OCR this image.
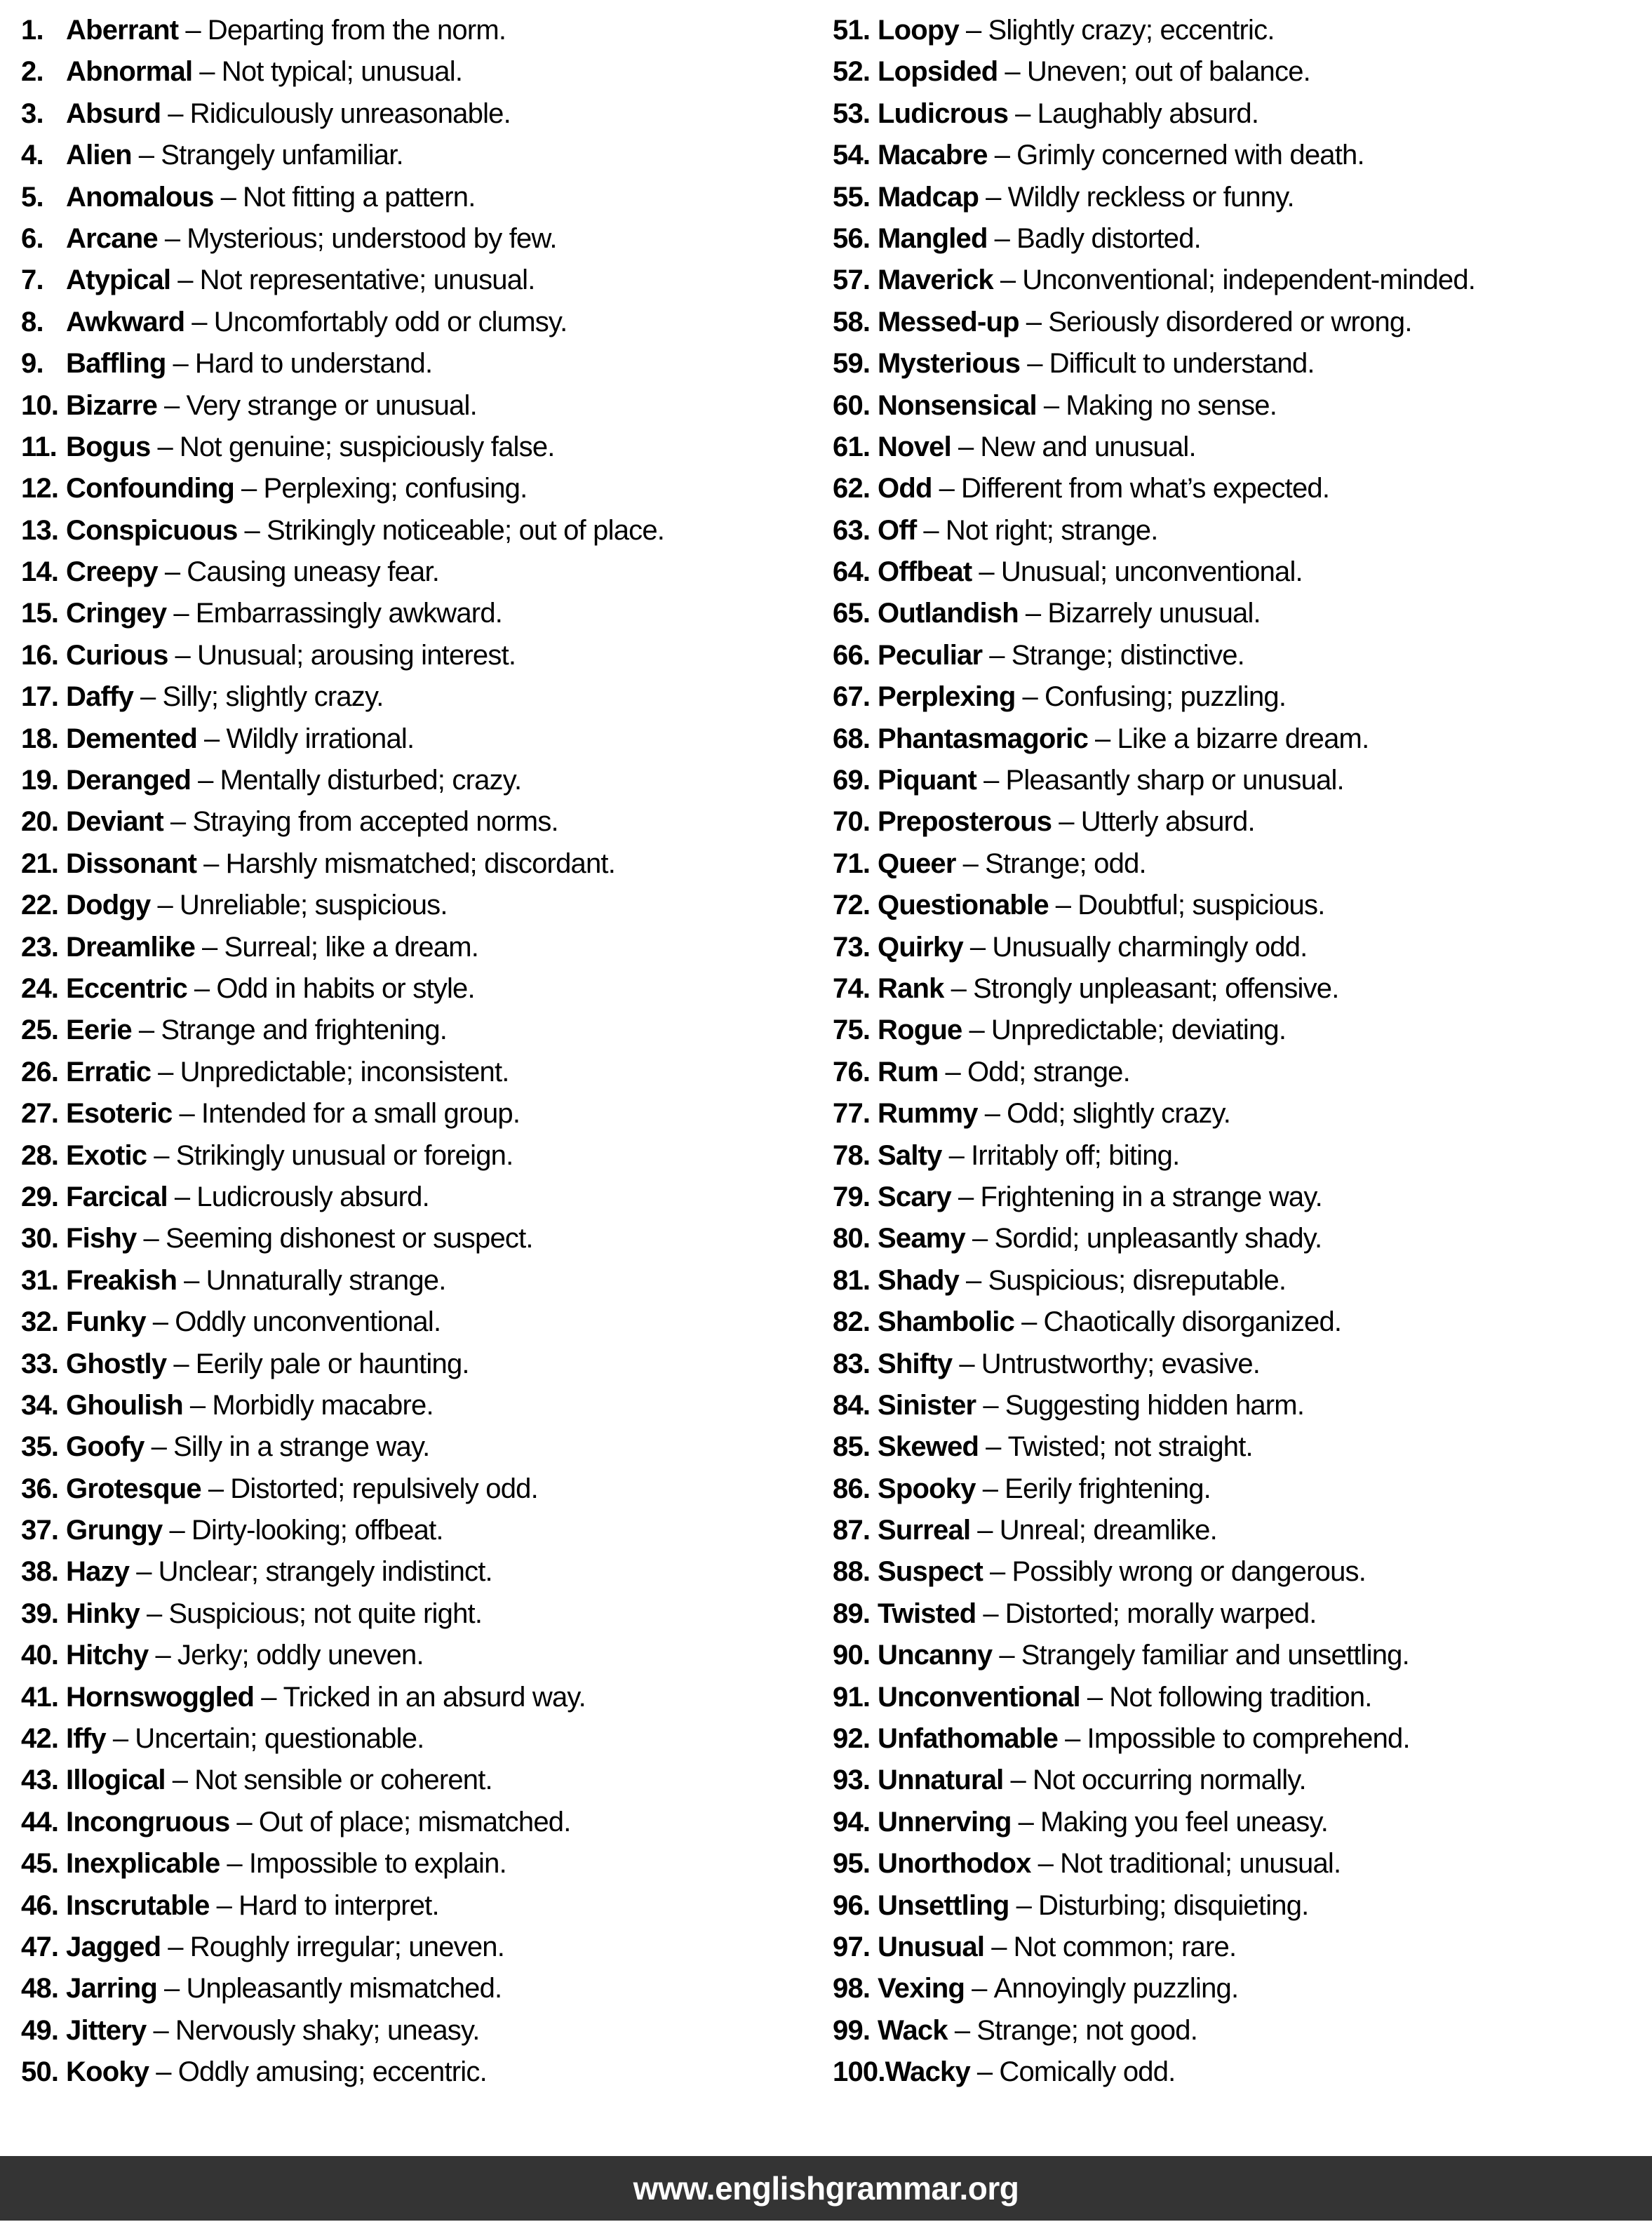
1. Aberrant – Departing from the norm.
2. Abnormal – Not typical; unusual.
3. Absurd – Ridiculously unreasonable.
4. Alien – Strangely unfamiliar.
5. Anomalous – Not fitting a pattern.
6. Arcane – Mysterious; understood by few.
7. Atypical – Not representative; unusual.
8. Awkward – Uncomfortably odd or clumsy.
9. Baffling – Hard to understand.
10. Bizarre – Very strange or unusual.
11. Bogus – Not genuine; suspiciously false.
12. Confounding – Perplexing; confusing.
13. Conspicuous – Strikingly noticeable; out of place.
14. Creepy – Causing uneasy fear.
15. Cringey – Embarrassingly awkward.
16. Curious – Unusual; arousing interest.
17. Daffy – Silly; slightly crazy.
18. Demented – Wildly irrational.
19. Deranged – Mentally disturbed; crazy.
20. Deviant – Straying from accepted norms.
21. Dissonant – Harshly mismatched; discordant.
22. Dodgy – Unreliable; suspicious.
23. Dreamlike – Surreal; like a dream.
24. Eccentric – Odd in habits or style.
25. Eerie – Strange and frightening.
26. Erratic – Unpredictable; inconsistent.
27. Esoteric – Intended for a small group.
28. Exotic – Strikingly unusual or foreign.
29. Farcical – Ludicrously absurd.
30. Fishy – Seeming dishonest or suspect.
31. Freakish – Unnaturally strange.
32. Funky – Oddly unconventional.
33. Ghostly – Eerily pale or haunting.
34. Ghoulish – Morbidly macabre.
35. Goofy – Silly in a strange way.
36. Grotesque – Distorted; repulsively odd.
37. Grungy – Dirty-looking; offbeat.
38. Hazy – Unclear; strangely indistinct.
39. Hinky – Suspicious; not quite right.
40. Hitchy – Jerky; oddly uneven.
41. Hornswoggled – Tricked in an absurd way.
42. Iffy – Uncertain; questionable.
43. Illogical – Not sensible or coherent.
44. Incongruous – Out of place; mismatched.
45. Inexplicable – Impossible to explain.
46. Inscrutable – Hard to interpret.
47. Jagged – Roughly irregular; uneven.
48. Jarring – Unpleasantly mismatched.
49. Jittery – Nervously shaky; uneasy.
50. Kooky – Oddly amusing; eccentric.
51. Loopy – Slightly crazy; eccentric.
52. Lopsided – Uneven; out of balance.
53. Ludicrous – Laughably absurd.
54. Macabre – Grimly concerned with death.
55. Madcap – Wildly reckless or funny.
56. Mangled – Badly distorted.
57. Maverick – Unconventional; independent-minded.
58. Messed-up – Seriously disordered or wrong.
59. Mysterious – Difficult to understand.
60. Nonsensical – Making no sense.
61. Novel – New and unusual.
62. Odd – Different from what’s expected.
63. Off – Not right; strange.
64. Offbeat – Unusual; unconventional.
65. Outlandish – Bizarrely unusual.
66. Peculiar – Strange; distinctive.
67. Perplexing – Confusing; puzzling.
68. Phantasmagoric – Like a bizarre dream.
69. Piquant – Pleasantly sharp or unusual.
70. Preposterous – Utterly absurd.
71. Queer – Strange; odd.
72. Questionable – Doubtful; suspicious.
73. Quirky – Unusually charmingly odd.
74. Rank – Strongly unpleasant; offensive.
75. Rogue – Unpredictable; deviating.
76. Rum – Odd; strange.
77. Rummy – Odd; slightly crazy.
78. Salty – Irritably off; biting.
79. Scary – Frightening in a strange way.
80. Seamy – Sordid; unpleasantly shady.
81. Shady – Suspicious; disreputable.
82. Shambolic – Chaotically disorganized.
83. Shifty – Untrustworthy; evasive.
84. Sinister – Suggesting hidden harm.
85. Skewed – Twisted; not straight.
86. Spooky – Eerily frightening.
87. Surreal – Unreal; dreamlike.
88. Suspect – Possibly wrong or dangerous.
89. Twisted – Distorted; morally warped.
90. Uncanny – Strangely familiar and unsettling.
91. Unconventional – Not following tradition.
92. Unfathomable – Impossible to comprehend.
93. Unnatural – Not occurring normally.
94. Unnerving – Making you feel uneasy.
95. Unorthodox – Not traditional; unusual.
96. Unsettling – Disturbing; disquieting.
97. Unusual – Not common; rare.
98. Vexing – Annoyingly puzzling.
99. Wack – Strange; not good.
100. Wacky – Comically odd.
www.englishgrammar.org
